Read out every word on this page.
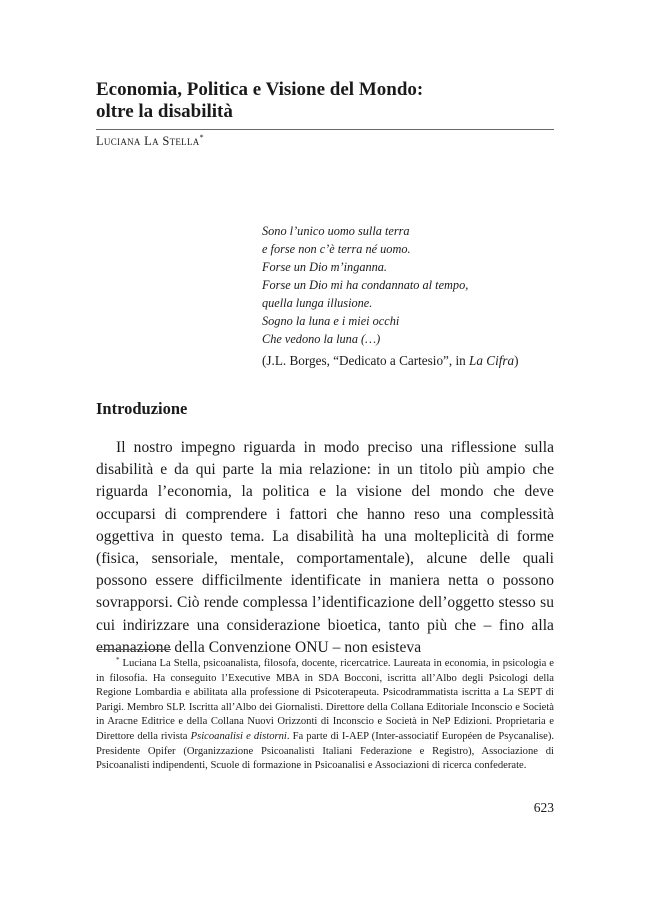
Economia, Politica e Visione del Mondo:
oltre la disabilità
Luciana La Stella*
Sono l’unico uomo sulla terra
e forse non c’è terra né uomo.
Forse un Dio m’inganna.
Forse un Dio mi ha condannato al tempo,
quella lunga illusione.
Sogno la luna e i miei occhi
Che vedono la luna (…)
(J.L. Borges, “Dedicato a Cartesio”, in La Cifra)
Introduzione

Il nostro impegno riguarda in modo preciso una riflessione sulla disabilità e da qui parte la mia relazione: in un titolo più ampio che riguarda l’economia, la politica e la visione del mondo che deve occuparsi di comprendere i fattori che hanno reso una complessità oggettiva in questo tema. La disabilità ha una molteplicità di forme (fisica, sensoriale, mentale, comportamentale), alcune delle quali possono essere difficilmente identificate in maniera netta o possono sovrapporsi. Ciò rende complessa l’identificazione dell’oggetto stesso su cui indirizzare una considerazione bioetica, tanto più che – fino alla emanazione della Convenzione ONU – non esisteva

* Luciana La Stella, psicoanalista, filosofa, docente, ricercatrice. Laureata in economia, in psicologia e in filosofia. Ha conseguito l’Executive MBA in SDA Bocconi, iscritta all’Albo degli Psicologi della Regione Lombardia e abilitata alla professione di Psicoterapeuta. Psicodrammatista iscritta a La SEPT di Parigi. Membro SLP. Iscritta all’Albo dei Giornalisti. Direttore della Collana Editoriale Inconscio e Società in Aracne Editrice e della Collana Nuovi Orizzonti di Inconscio e Società in NeP Edizioni. Proprietaria e Direttore della rivista Psicoanalisi e distorni. Fa parte di I-AEP (Inter-associatif Européen de Psycanalise). Presidente Opifer (Organizzazione Psicoanalisti Italiani Federazione e Registro), Associazione di Psicoanalisti indipendenti, Scuole di formazione in Psicoanalisi e Associazioni di ricerca confederate.

623
